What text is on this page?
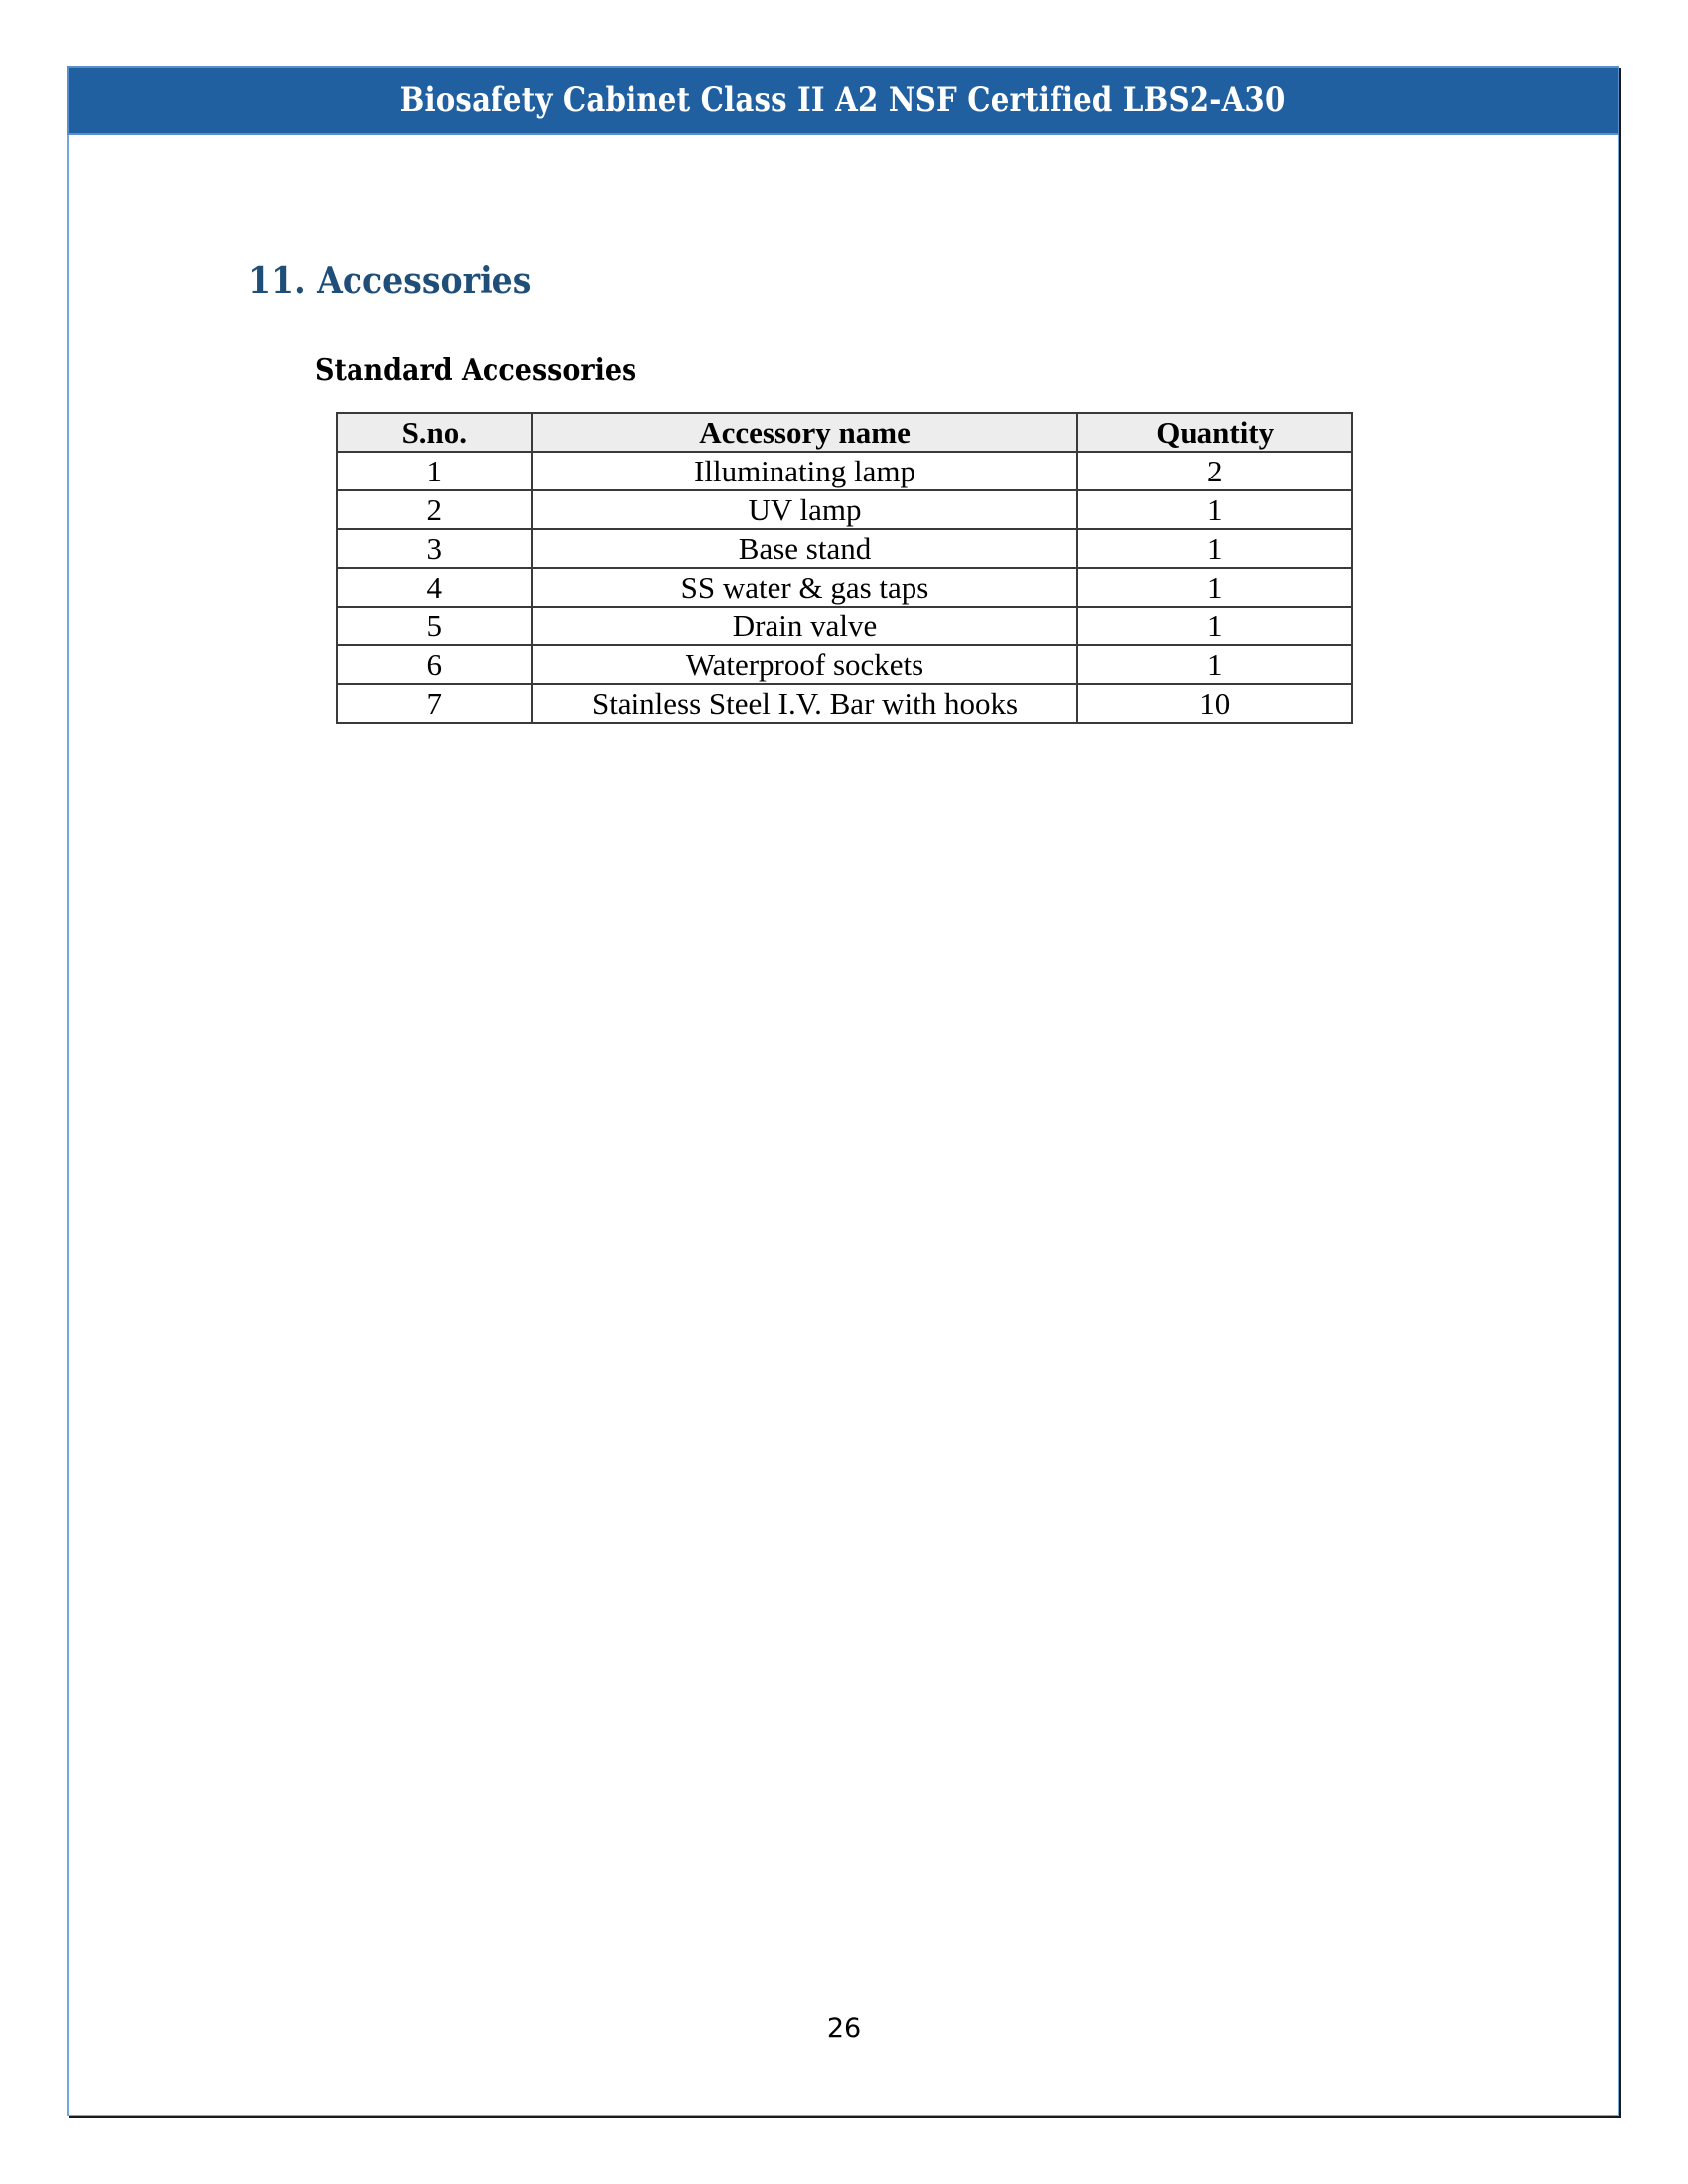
Biosafety Cabinet Class II A2 NSF Certified LBS2-A30
11. Accessories
Standard Accessories
S.no.	Accessory name	Quantity
1	Illuminating lamp	2
2	UV lamp	1
3	Base stand	1
4	SS water & gas taps	1
5	Drain valve	1
6	Waterproof sockets	1
7	Stainless Steel I.V. Bar with hooks	10
26
